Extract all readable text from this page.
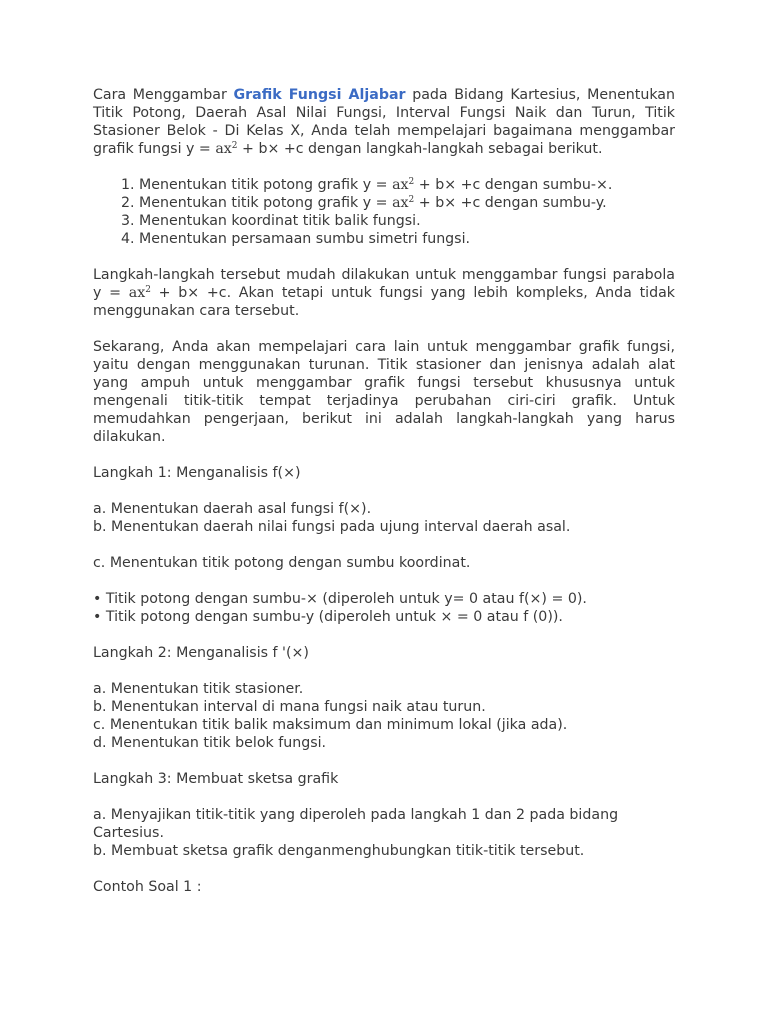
Cara Menggambar Grafik Fungsi Aljabar pada Bidang Kartesius, Menentukan Titik Potong, Daerah Asal Nilai Fungsi, Interval Fungsi Naik dan Turun, Titik Stasioner Belok - Di Kelas X, Anda telah mempelajari bagaimana menggambar grafik fungsi $y = ax^2 + b\times +c$ dengan langkah-langkah sebagai berikut.

1. Menentukan titik potong grafik $y = ax^2 + b\times +c$ dengan sumbu-×.
2. Menentukan titik potong grafik $y = ax^2 + b\times +c$ dengan sumbu-y.
3. Menentukan koordinat titik balik fungsi.
4. Menentukan persamaan sumbu simetri fungsi.

Langkah-langkah tersebut mudah dilakukan untuk menggambar fungsi parabola $y = ax^2 + b\times +c$. Akan tetapi untuk fungsi yang lebih kompleks, Anda tidak menggunakan cara tersebut.

Sekarang, Anda akan mempelajari cara lain untuk menggambar grafik fungsi, yaitu dengan menggunakan turunan. Titik stasioner dan jenisnya adalah alat yang ampuh untuk menggambar grafik fungsi tersebut khususnya untuk mengenali titik-titik tempat terjadinya perubahan ciri-ciri grafik. Untuk memudahkan pengerjaan, berikut ini adalah langkah-langkah yang harus dilakukan.

Langkah 1: Menganalisis f(×)

a. Menentukan daerah asal fungsi f(×).
b. Menentukan daerah nilai fungsi pada ujung interval daerah asal.

c. Menentukan titik potong dengan sumbu koordinat.

• Titik potong dengan sumbu-× (diperoleh untuk y= 0 atau f(×) = 0).
• Titik potong dengan sumbu-y (diperoleh untuk × = 0 atau f (0)).

Langkah 2: Menganalisis f '(×)

a. Menentukan titik stasioner.
b. Menentukan interval di mana fungsi naik atau turun.
c. Menentukan titik balik maksimum dan minimum lokal (jika ada).
d. Menentukan titik belok fungsi.

Langkah 3: Membuat sketsa grafik

a. Menyajikan titik-titik yang diperoleh pada langkah 1 dan 2 pada bidang Cartesius.
b. Membuat sketsa grafik denganmenghubungkan titik-titik tersebut.

Contoh Soal 1 :
